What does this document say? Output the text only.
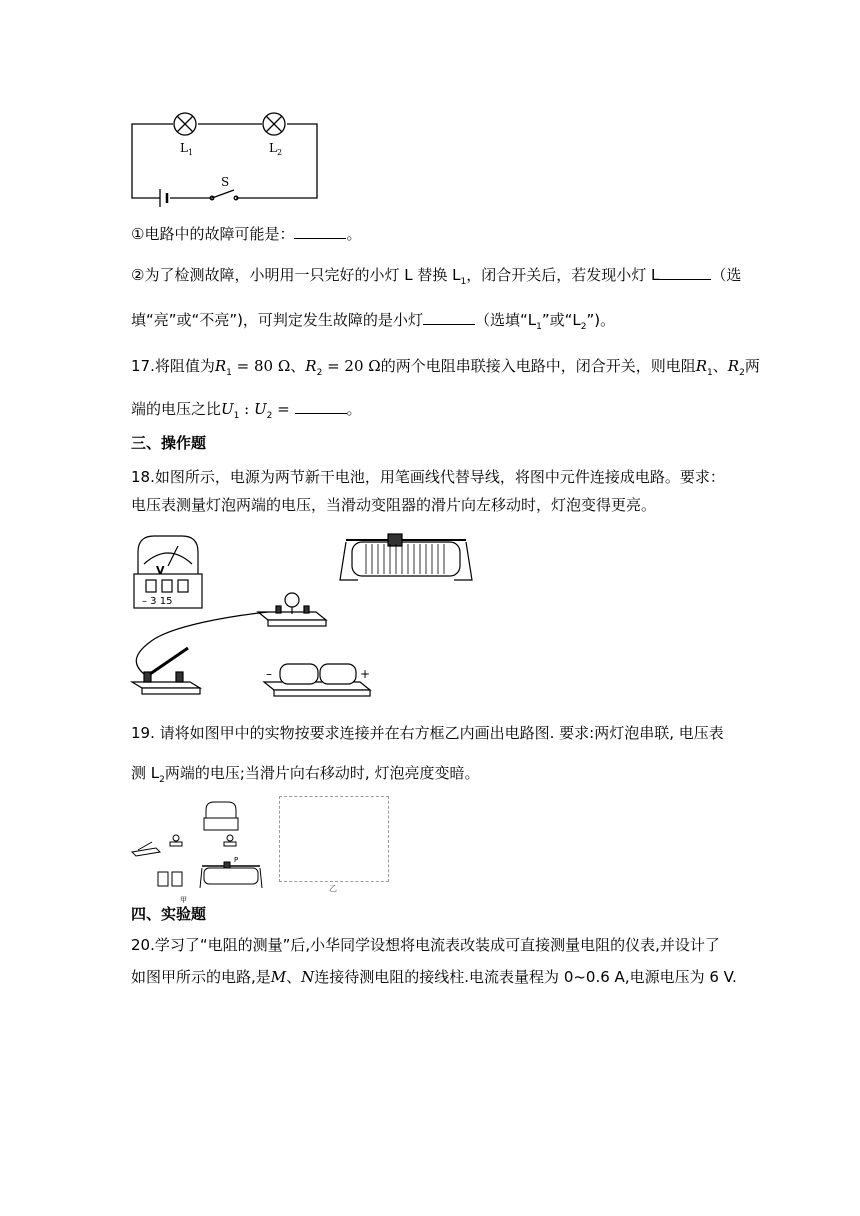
$L_1$	$L_2$
S
①电路中的故障可能是：	。
②为了检测故障，小明用一只完好的小灯 L 替换 $L_1$，闭合开关后，若发现小灯 L	（选
填“亮”或“不亮”)，可判定发生故障的是小灯	（选填“$L_1$”或“$L_2$”)。
17.将阻值为$R_1 = 80$ Ω、$R_2 = 20$ Ω的两个电阻串联接入电路中，闭合开关，则电阻$R_1$、$R_2$两
端的电压之比$U_1$ : $U_2$ =	。
三、操作题
18.如图所示，电源为两节新干电池，用笔画线代替导线，将图中元件连接成电路。要求：
电压表测量灯泡两端的电压，当滑动变阻器的滑片向左移动时，灯泡变得更亮。
V
– 3 15
–	+
19. 请将如图甲中的实物按要求连接并在右方框乙内画出电路图. 要求:两灯泡串联, 电压表
测 $L_2$两端的电压;当滑片向右移动时, 灯泡亮度变暗。
P
甲
乙
四、实验题
20.学习了“电阻的测量”后,小华同学设想将电流表改装成可直接测量电阻的仪表,并设计了
如图甲所示的电路,是M、N连接待测电阻的接线柱.电流表量程为 0~0.6 A,电源电压为 6 V.
